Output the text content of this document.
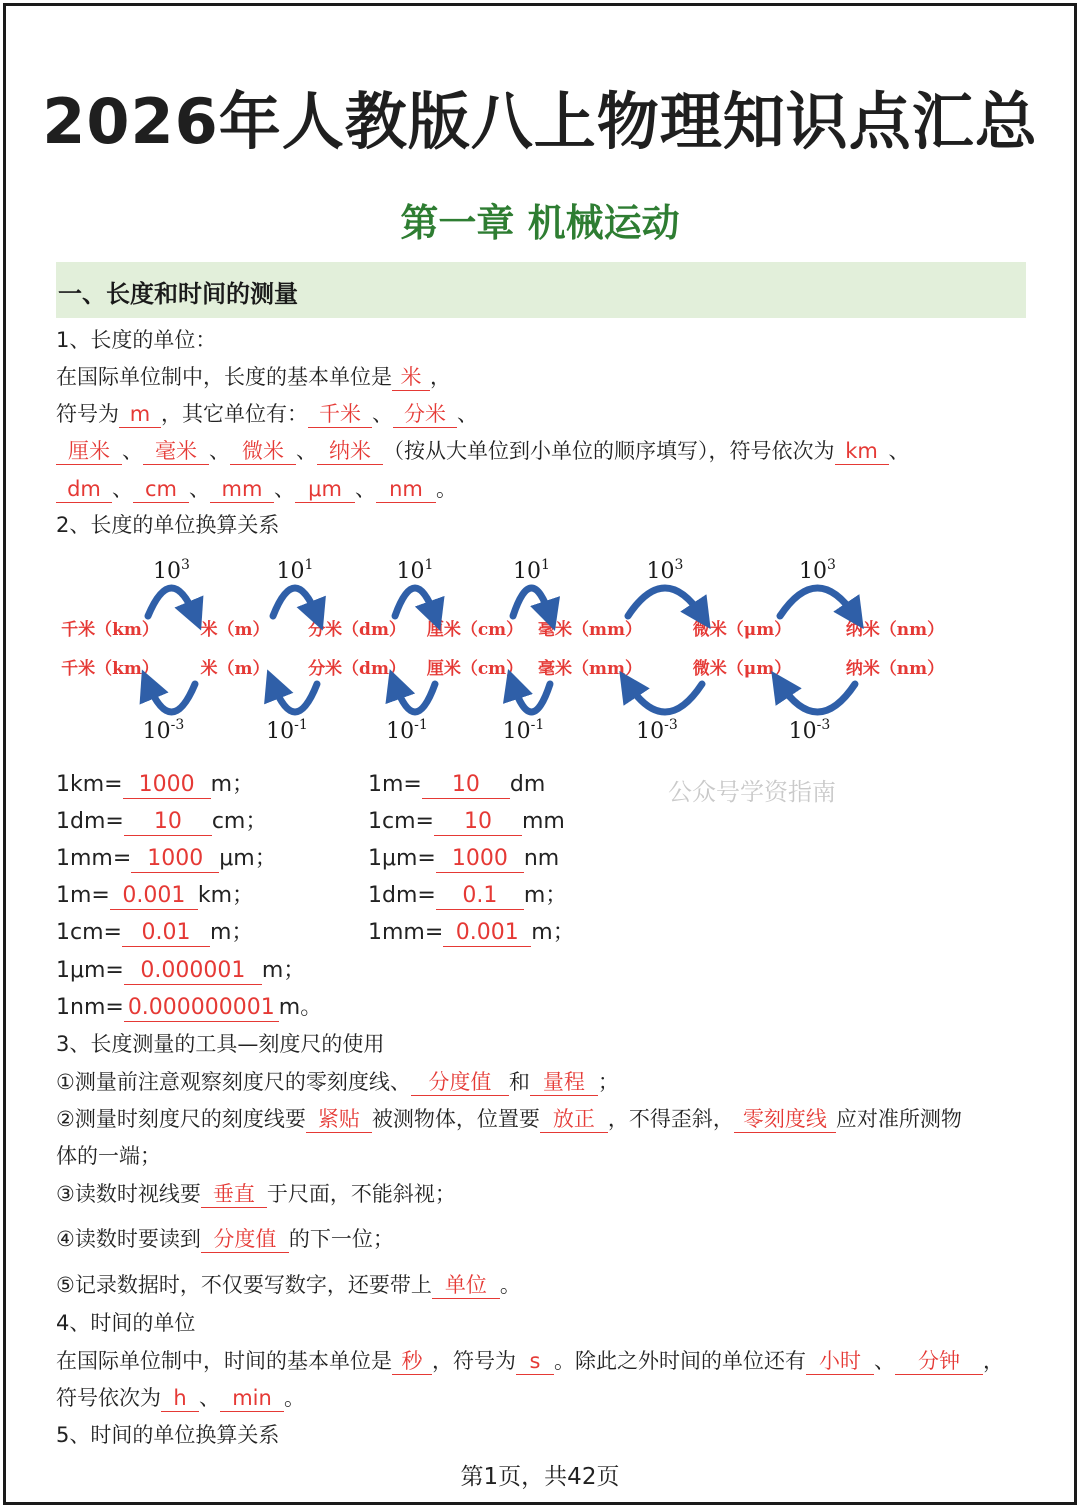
2026年人教版八上物理知识点汇总
第一章 机械运动
一、长度和时间的测量
1、长度的单位：
在国际单位制中，长度的基本单位是 米 ，
符号为 m ，其它单位有： 千米 、 分米 、
厘米 、 毫米 、 微米 、 纳米 （按从大单位到小单位的顺序填写），符号依次为 km 、
dm 、 cm 、 mm 、 μm 、 nm 。
2、长度的单位换算关系
千米（km）
千米（km）
米（m）
米（m）
分米（dm）
分米（dm）
厘米（cm）
厘米（cm）
毫米（mm）
毫米（mm）
微米（μm）
微米（μm）
纳米（nm）
纳米（nm）
$10^3$
$10^{-3}$
$10^1$
$10^{-1}$
$10^1$
$10^{-1}$
$10^1$
$10^{-1}$
$10^3$
$10^{-3}$
$10^3$
$10^{-3}$
1km= 1000 m；	1m= 10 dm
1dm= 10 cm；	1cm= 10 mm
1mm= 1000 μm；	1μm= 1000 nm
1m= 0.001 km；	1dm= 0.1 m；
1cm= 0.01 m；	1mm= 0.001 m；
1μm= 0.000001 m；
1nm= 0.000000001 m。
公众号学资指南
3、长度测量的工具—刻度尺的使用
①测量前注意观察刻度尺的零刻度线、 分度值 和 量程 ；
②测量时刻度尺的刻度线要 紧贴 被测物体，位置要 放正 ，不得歪斜， 零刻度线 应对准所测物
体的一端；
③读数时视线要 垂直 于尺面，不能斜视；
④读数时要读到 分度值 的下一位；
⑤记录数据时，不仅要写数字，还要带上 单位 。
4、时间的单位
在国际单位制中，时间的基本单位是 秒 ，符号为 s 。除此之外时间的单位还有 小时 、 分钟 ，
符号依次为 h 、 min 。
5、时间的单位换算关系
第1页，共42页
